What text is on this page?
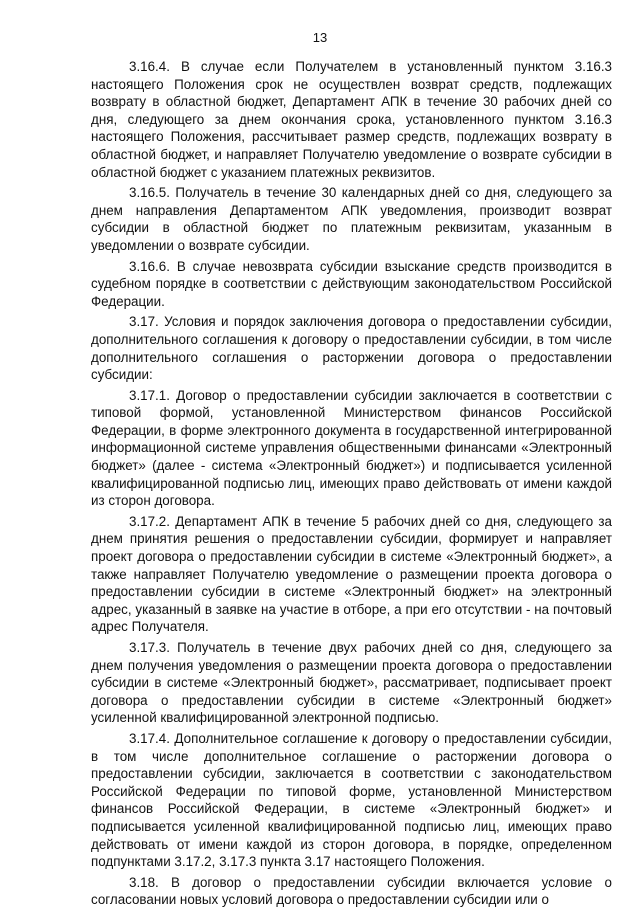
13

3.16.4. В случае если Получателем в установленный пунктом 3.16.3 настоящего Положения срок не осуществлен возврат средств, подлежащих возврату в областной бюджет, Департамент АПК в течение 30 рабочих дней со дня, следующего за днем окончания срока, установленного пунктом 3.16.3 настоящего Положения, рассчитывает размер средств, подлежащих возврату в областной бюджет, и направляет Получателю уведомление о возврате субсидии в областной бюджет с указанием платежных реквизитов.

3.16.5. Получатель в течение 30 календарных дней со дня, следующего за днем направления Департаментом АПК уведомления, производит возврат субсидии в областной бюджет по платежным реквизитам, указанным в уведомлении о возврате субсидии.

3.16.6. В случае невозврата субсидии взыскание средств производится в судебном порядке в соответствии с действующим законодательством Российской Федерации.

3.17. Условия и порядок заключения договора о предоставлении субсидии, дополнительного соглашения к договору о предоставлении субсидии, в том числе дополнительного соглашения о расторжении договора о предоставлении субсидии:

3.17.1. Договор о предоставлении субсидии заключается в соответствии с типовой формой, установленной Министерством финансов Российской Федерации, в форме электронного документа в государственной интегрированной информационной системе управления общественными финансами «Электронный бюджет» (далее - система «Электронный бюджет») и подписывается усиленной квалифицированной подписью лиц, имеющих право действовать от имени каждой из сторон договора.

3.17.2. Департамент АПК в течение 5 рабочих дней со дня, следующего за днем принятия решения о предоставлении субсидии, формирует и направляет проект договора о предоставлении субсидии в системе «Электронный бюджет», а также направляет Получателю уведомление о размещении проекта договора о предоставлении субсидии в системе «Электронный бюджет» на электронный адрес, указанный в заявке на участие в отборе, а при его отсутствии - на почтовый адрес Получателя.

3.17.3. Получатель в течение двух рабочих дней со дня, следующего за днем получения уведомления о размещении проекта договора о предоставлении субсидии в системе «Электронный бюджет», рассматривает, подписывает проект договора о предоставлении субсидии в системе «Электронный бюджет» усиленной квалифицированной электронной подписью.

3.17.4. Дополнительное соглашение к договору о предоставлении субсидии, в том числе дополнительное соглашение о расторжении договора о предоставлении субсидии, заключается в соответствии с законодательством Российской Федерации по типовой форме, установленной Министерством финансов Российской Федерации, в системе «Электронный бюджет» и подписывается усиленной квалифицированной подписью лиц, имеющих право действовать от имени каждой из сторон договора, в порядке, определенном подпунктами 3.17.2, 3.17.3 пункта 3.17 настоящего Положения.

3.18. В договор о предоставлении субсидии включается условие о согласовании новых условий договора о предоставлении субсидии или о
